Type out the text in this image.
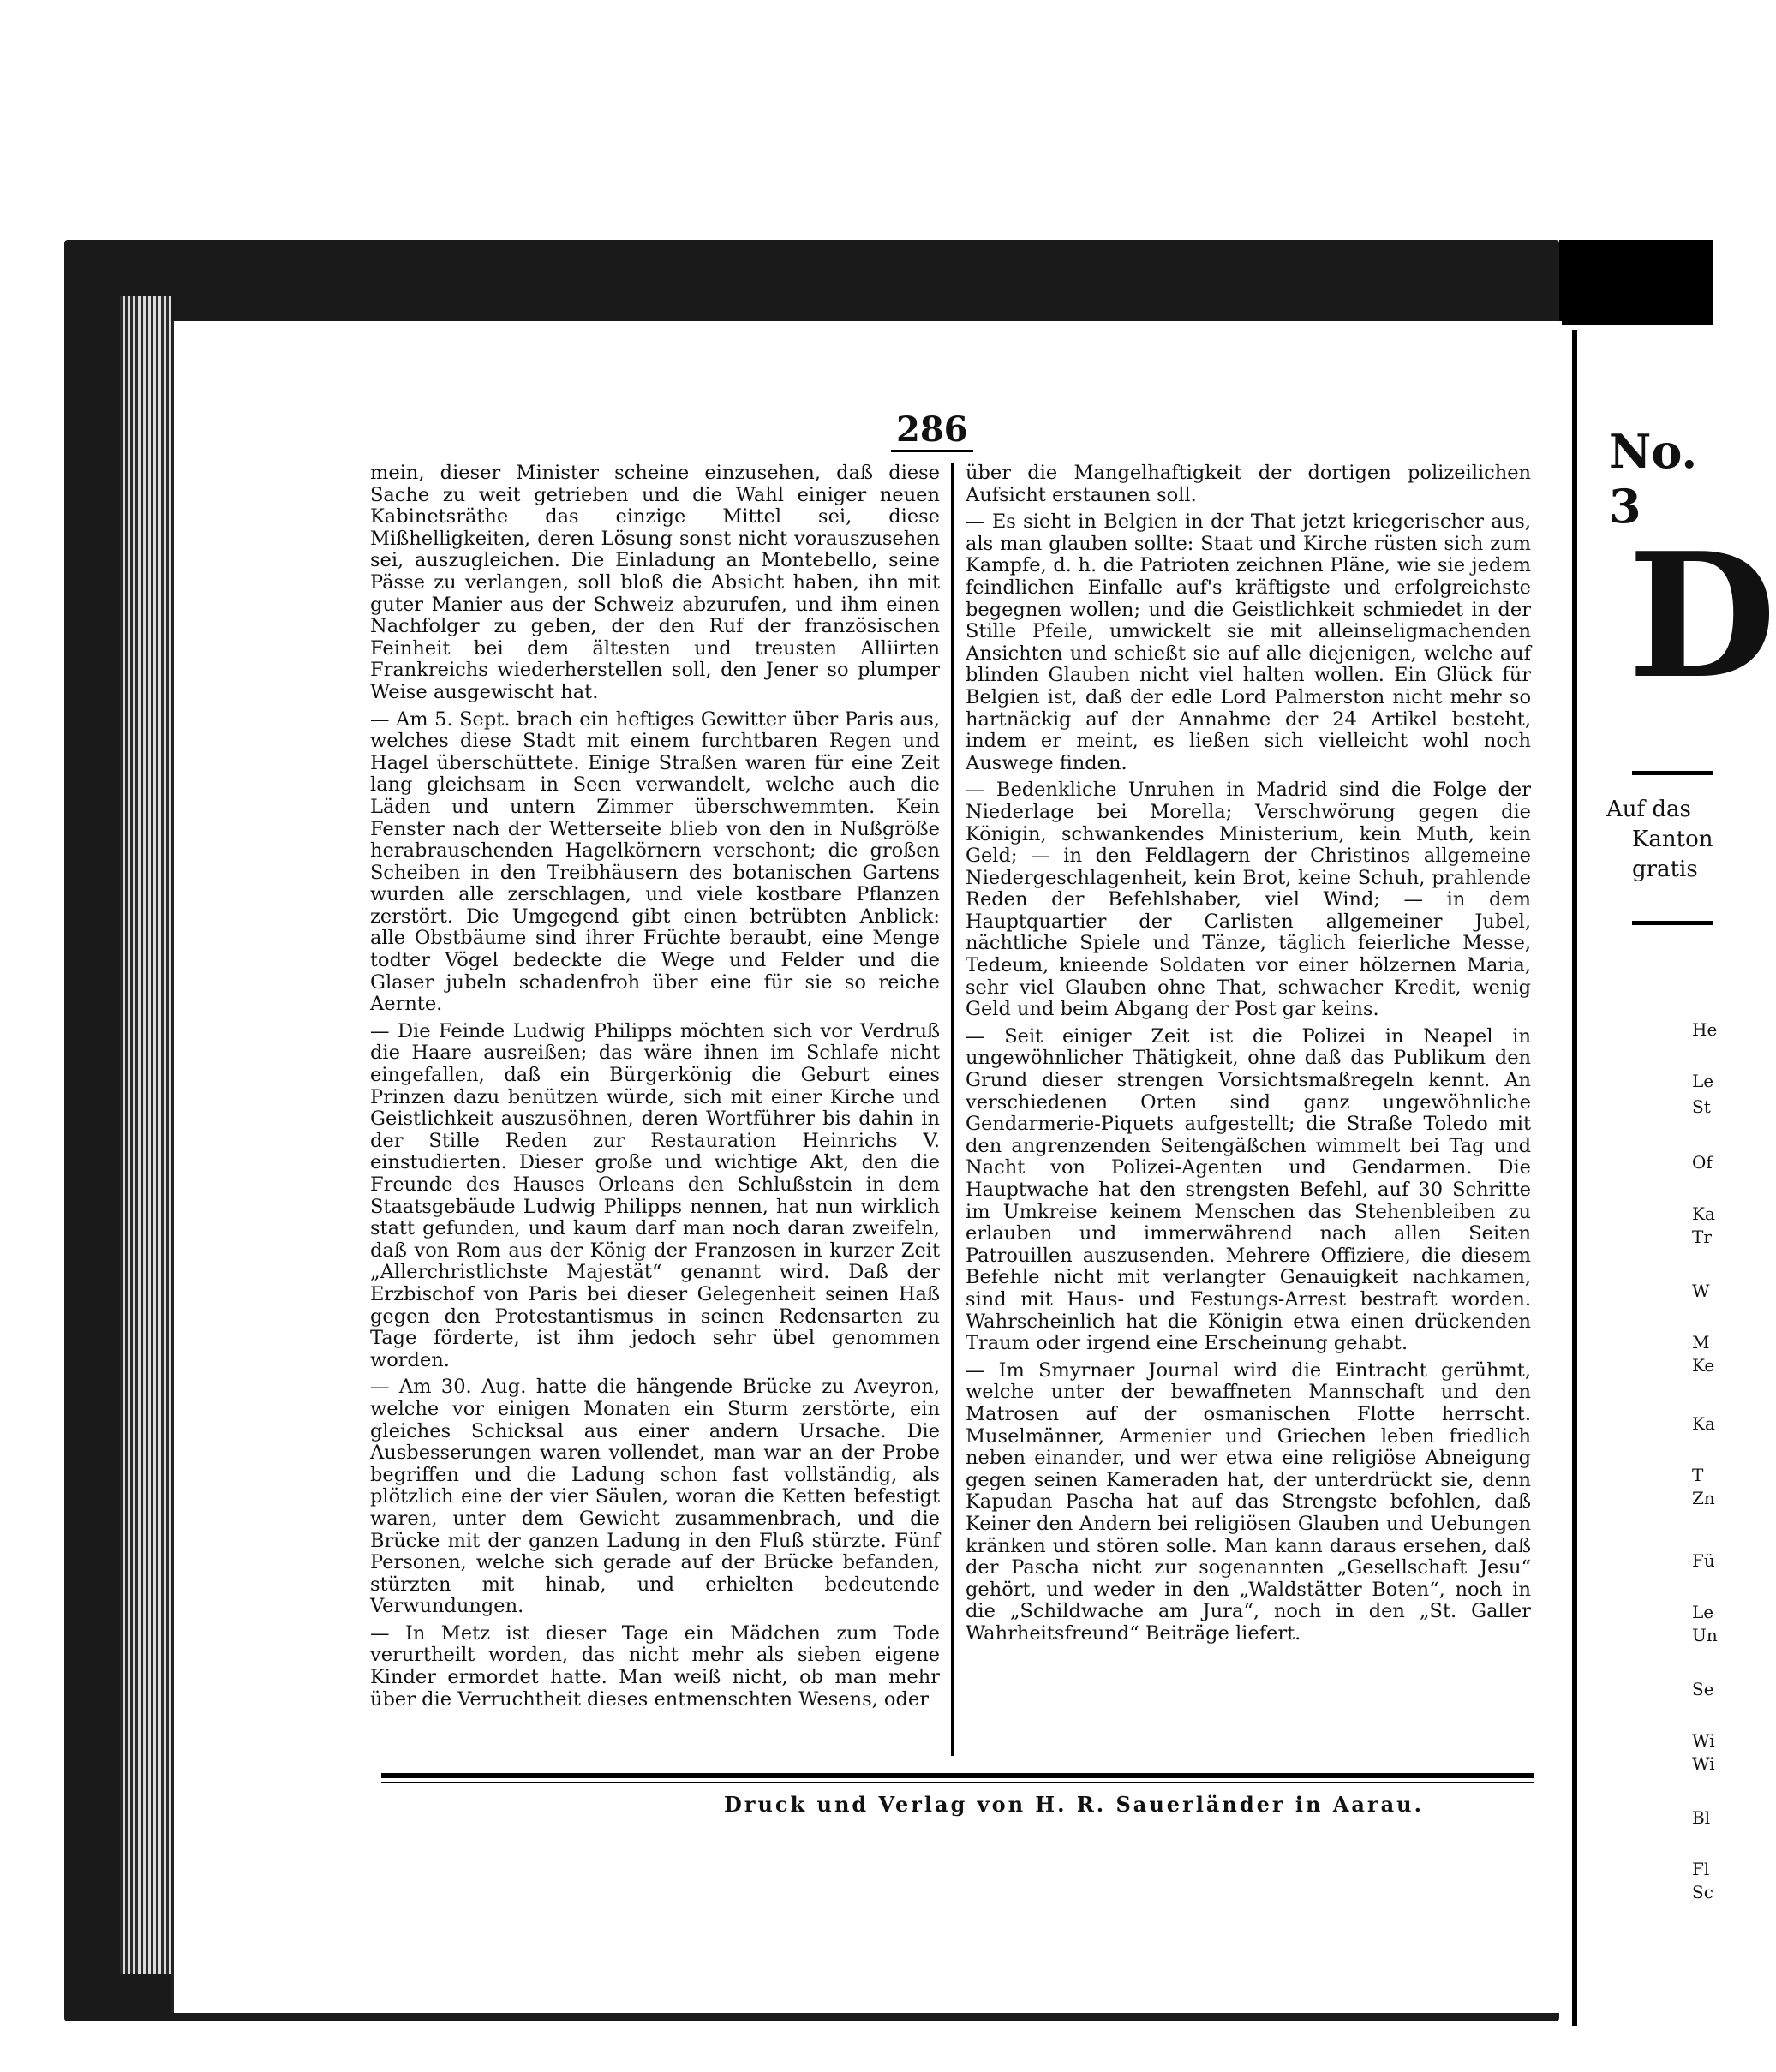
286

mein, dieser Minister scheine einzusehen, daß diese Sache zu weit getrieben und die Wahl einiger neuen Kabinetsräthe das einzige Mittel sei, diese Mißhelligkeiten, deren Lösung sonst nicht vorauszusehen sei, auszugleichen. Die Einladung an Montebello, seine Pässe zu verlangen, soll bloß die Absicht haben, ihn mit guter Manier aus der Schweiz abzurufen, und ihm einen Nachfolger zu geben, der den Ruf der französischen Feinheit bei dem ältesten und treusten Alliirten Frankreichs wiederherstellen soll, den Jener so plumper Weise ausgewischt hat.

— Am 5. Sept. brach ein heftiges Gewitter über Paris aus, welches diese Stadt mit einem furchtbaren Regen und Hagel überschüttete. Einige Straßen waren für eine Zeit lang gleichsam in Seen verwandelt, welche auch die Läden und untern Zimmer überschwemmten. Kein Fenster nach der Wetterseite blieb von den in Nußgröße herabrauschenden Hagelkörnern verschont; die großen Scheiben in den Treibhäusern des botanischen Gartens wurden alle zerschlagen, und viele kostbare Pflanzen zerstört. Die Umgegend gibt einen betrübten Anblick: alle Obstbäume sind ihrer Früchte beraubt, eine Menge todter Vögel bedeckte die Wege und Felder und die Glaser jubeln schadenfroh über eine für sie so reiche Aernte.

— Die Feinde Ludwig Philipps möchten sich vor Verdruß die Haare ausreißen; das wäre ihnen im Schlafe nicht eingefallen, daß ein Bürgerkönig die Geburt eines Prinzen dazu benützen würde, sich mit einer Kirche und Geistlichkeit auszusöhnen, deren Wortführer bis dahin in der Stille Reden zur Restauration Heinrichs V. einstudierten. Dieser große und wichtige Akt, den die Freunde des Hauses Orleans den Schlußstein in dem Staatsgebäude Ludwig Philipps nennen, hat nun wirklich statt gefunden, und kaum darf man noch daran zweifeln, daß von Rom aus der König der Franzosen in kurzer Zeit „Allerchristlichste Majestät“ genannt wird. Daß der Erzbischof von Paris bei dieser Gelegenheit seinen Haß gegen den Protestantismus in seinen Redensarten zu Tage förderte, ist ihm jedoch sehr übel genommen worden.

— Am 30. Aug. hatte die hängende Brücke zu Aveyron, welche vor einigen Monaten ein Sturm zerstörte, ein gleiches Schicksal aus einer andern Ursache. Die Ausbesserungen waren vollendet, man war an der Probe begriffen und die Ladung schon fast vollständig, als plötzlich eine der vier Säulen, woran die Ketten befestigt waren, unter dem Gewicht zusammenbrach, und die Brücke mit der ganzen Ladung in den Fluß stürzte. Fünf Personen, welche sich gerade auf der Brücke befanden, stürzten mit hinab, und erhielten bedeutende Verwundungen.

— In Metz ist dieser Tage ein Mädchen zum Tode verurtheilt worden, das nicht mehr als sieben eigene Kinder ermordet hatte. Man weiß nicht, ob man mehr über die Verruchtheit dieses entmenschten Wesens, oder

über die Mangelhaftigkeit der dortigen polizeilichen Aufsicht erstaunen soll.

— Es sieht in Belgien in der That jetzt kriegerischer aus, als man glauben sollte: Staat und Kirche rüsten sich zum Kampfe, d. h. die Patrioten zeichnen Pläne, wie sie jedem feindlichen Einfalle auf's kräftigste und erfolgreichste begegnen wollen; und die Geistlichkeit schmiedet in der Stille Pfeile, umwickelt sie mit alleinseligmachenden Ansichten und schießt sie auf alle diejenigen, welche auf blinden Glauben nicht viel halten wollen. Ein Glück für Belgien ist, daß der edle Lord Palmerston nicht mehr so hartnäckig auf der Annahme der 24 Artikel besteht, indem er meint, es ließen sich vielleicht wohl noch Auswege finden.

— Bedenkliche Unruhen in Madrid sind die Folge der Niederlage bei Morella; Verschwörung gegen die Königin, schwankendes Ministerium, kein Muth, kein Geld; — in den Feldlagern der Christinos allgemeine Niedergeschlagenheit, kein Brot, keine Schuh, prahlende Reden der Befehlshaber, viel Wind; — in dem Hauptquartier der Carlisten allgemeiner Jubel, nächtliche Spiele und Tänze, täglich feierliche Messe, Tedeum, knieende Soldaten vor einer hölzernen Maria, sehr viel Glauben ohne That, schwacher Kredit, wenig Geld und beim Abgang der Post gar keins.

— Seit einiger Zeit ist die Polizei in Neapel in ungewöhnlicher Thätigkeit, ohne daß das Publikum den Grund dieser strengen Vorsichtsmaßregeln kennt. An verschiedenen Orten sind ganz ungewöhnliche Gendarmerie-Piquets aufgestellt; die Straße Toledo mit den angrenzenden Seitengäßchen wimmelt bei Tag und Nacht von Polizei-Agenten und Gendarmen. Die Hauptwache hat den strengsten Befehl, auf 30 Schritte im Umkreise keinem Menschen das Stehenbleiben zu erlauben und immerwährend nach allen Seiten Patrouillen auszusenden. Mehrere Offiziere, die diesem Befehle nicht mit verlangter Genauigkeit nachkamen, sind mit Haus- und Festungs-Arrest bestraft worden. Wahrscheinlich hat die Königin etwa einen drückenden Traum oder irgend eine Erscheinung gehabt.

— Im Smyrnaer Journal wird die Eintracht gerühmt, welche unter der bewaffneten Mannschaft und den Matrosen auf der osmanischen Flotte herrscht. Muselmänner, Armenier und Griechen leben friedlich neben einander, und wer etwa eine religiöse Abneigung gegen seinen Kameraden hat, der unterdrückt sie, denn Kapudan Pascha hat auf das Strengste befohlen, daß Keiner den Andern bei religiösen Glauben und Uebungen kränken und stören solle. Man kann daraus ersehen, daß der Pascha nicht zur sogenannten „Gesellschaft Jesu“ gehört, und weder in den „Waldstätter Boten“, noch in die „Schildwache am Jura“, noch in den „St. Galler Wahrheitsfreund“ Beiträge liefert.

Druck und Verlag von H. R. Sauerländer in Aarau.
No. 3
D
Auf das
Kanton
gratis
He
Le
St
Of
Ka
Tr
W
M
Ke
Ka
T
Zn
Fü
Le
Un
Se
Wi
Wi
Bl
Fl
Sc
